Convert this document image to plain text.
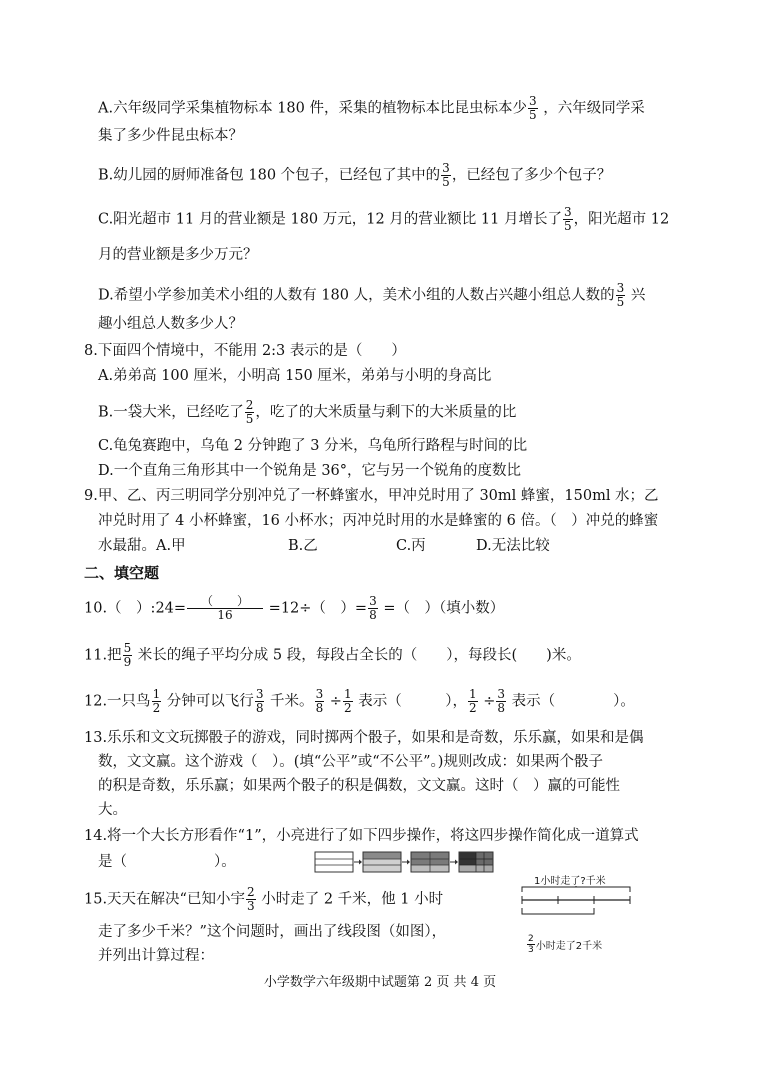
A.六年级同学采集植物标本 180 件，采集的植物标本比昆虫标本少 $\frac{3}{5}$ ，六年级同学采
集了多少件昆虫标本？
B.幼儿园的厨师准备包 180 个包子，已经包了其中的 $\frac{3}{5}$ ，已经包了多少个包子？
C.阳光超市 11 月的营业额是 180 万元，12 月的营业额比 11 月增长了 $\frac{3}{5}$ ，阳光超市 12
月的营业额是多少万元？
D.希望小学参加美术小组的人数有 180 人，美术小组的人数占兴趣小组总人数的 $\frac{3}{5}$ 兴
趣小组总人数多少人？
8.下面四个情境中，不能用 2:3 表示的是（　　）
A.弟弟高 100 厘米，小明高 150 厘米，弟弟与小明的身高比
B.一袋大米，已经吃了 $\frac{2}{5}$ ，吃了的大米质量与剩下的大米质量的比
C.龟兔赛跑中，乌龟 2 分钟跑了 3 分米，乌龟所行路程与时间的比
D.一个直角三角形其中一个锐角是 36°，它与另一个锐角的度数比
9.甲、乙、丙三明同学分别冲兑了一杯蜂蜜水，甲冲兑时用了 30ml 蜂蜜，150ml 水；乙
冲兑时用了 4 小杯蜂蜜，16 小杯水；丙冲兑时用的水是蜂蜜的 6 倍。（　）冲兑的蜂蜜
水最甜。A.甲	B.乙	C.丙	D.无法比较
二、填空题
10.（　）:24= $\frac{( )}{16} =12\div$（　）= $\frac{3}{8}$ =（　）（填小数）
11.把 $\frac{5}{9}$ 米长的绳子平均分成 5 段，每段占全长的（　　），每段长(　　)米。
12.一只鸟 $\frac{1}{2}$ 分钟可以飞行 $\frac{3}{8}$ 千米。 $\frac{3}{8} \div \frac{1}{2}$ 表示（　　　）， $\frac{1}{2} \div \frac{3}{8}$ 表示（　　　　）。
13.乐乐和文文玩掷骰子的游戏，同时掷两个骰子，如果和是奇数，乐乐赢，如果和是偶
数，文文赢。这个游戏（　）。(填“公平”或“不公平”。)规则改成：如果两个骰子
的积是奇数，乐乐赢；如果两个骰子的积是偶数，文文赢。这时（　）赢的可能性
大。
14.将一个大长方形看作“1”，小亮进行了如下四步操作，将这四步操作简化成一道算式
是（　　　　　　）。
15.天天在解决“已知小宇 $\frac{2}{3}$ 小时走了 2 千米，他 1 小时
走了多少千米？”这个问题时，画出了线段图（如图），
并列出计算过程：
1小时走了?千米
$\frac{2}{3}$ 小时走了2千米
小学数学六年级期中试题第 2 页 共 4 页
